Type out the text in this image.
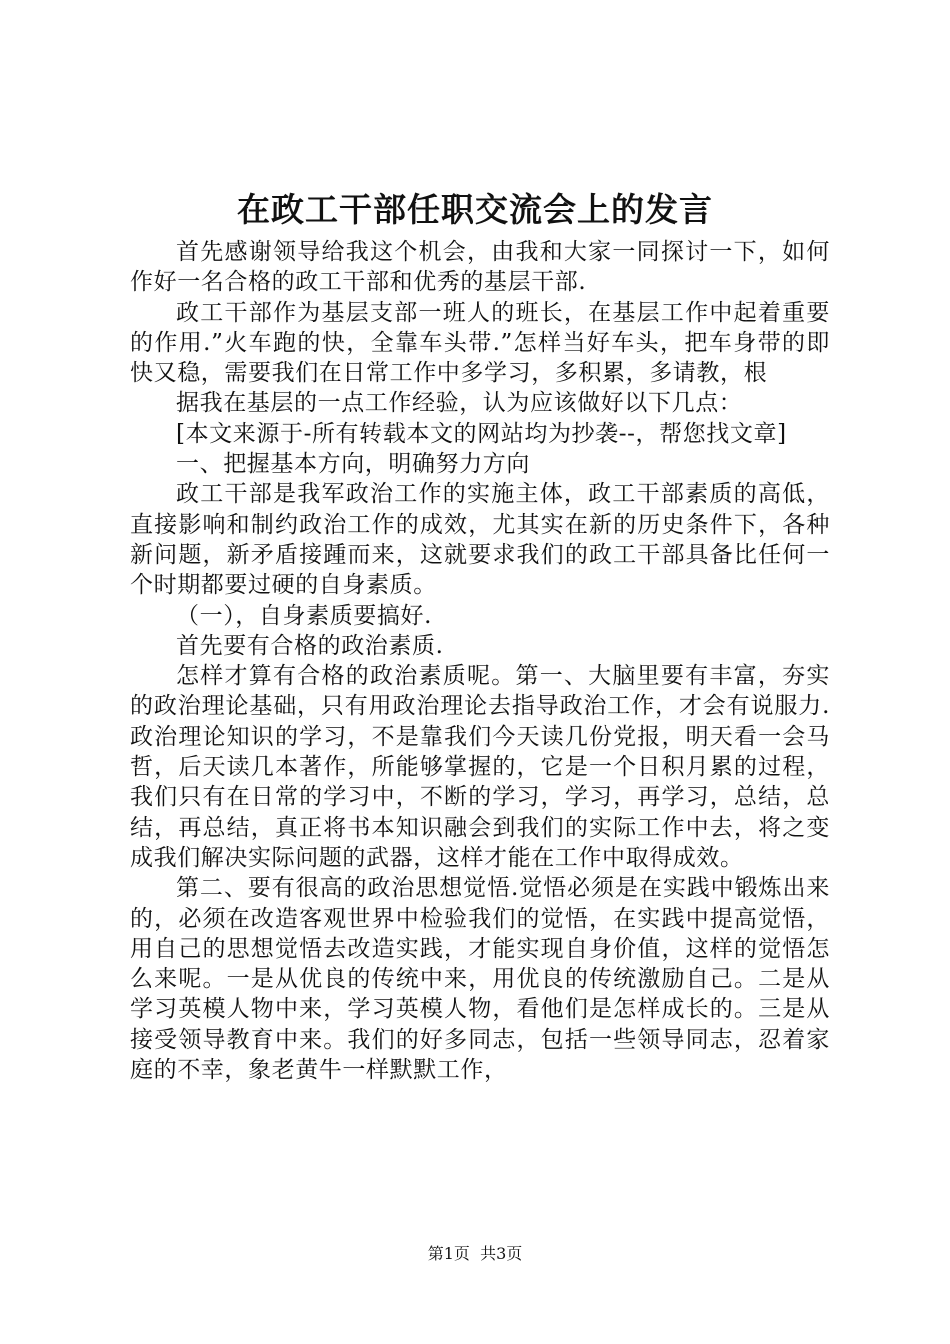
在政工干部任职交流会上的发言

首先感谢领导给我这个机会，由我和大家一同探讨一下，如何作好一名合格的政工干部和优秀的基层干部.

政工干部作为基层支部一班人的班长，在基层工作中起着重要的作用.”火车跑的快，全靠车头带.”怎样当好车头，把车身带的即快又稳，需要我们在日常工作中多学习，多积累，多请教，根

据我在基层的一点工作经验，认为应该做好以下几点：

[本文来源于-所有转载本文的网站均为抄袭--，帮您找文章]

一、把握基本方向，明确努力方向

政工干部是我军政治工作的实施主体，政工干部素质的高低，直接影响和制约政治工作的成效，尤其实在新的历史条件下，各种新问题，新矛盾接踵而来，这就要求我们的政工干部具备比任何一个时期都要过硬的自身素质。

（一），自身素质要搞好.

首先要有合格的政治素质.

怎样才算有合格的政治素质呢。第一、大脑里要有丰富，夯实的政治理论基础，只有用政治理论去指导政治工作，才会有说服力.政治理论知识的学习，不是靠我们今天读几份党报，明天看一会马哲，后天读几本著作，所能够掌握的，它是一个日积月累的过程，我们只有在日常的学习中，不断的学习，学习，再学习，总结，总结，再总结，真正将书本知识融会到我们的实际工作中去，将之变成我们解决实际问题的武器，这样才能在工作中取得成效。

第二、要有很高的政治思想觉悟.觉悟必须是在实践中锻炼出来的，必须在改造客观世界中检验我们的觉悟，在实践中提高觉悟，用自己的思想觉悟去改造实践，才能实现自身价值，这样的觉悟怎么来呢。一是从优良的传统中来，用优良的传统激励自己。二是从学习英模人物中来，学习英模人物，看他们是怎样成长的。三是从接受领导教育中来。我们的好多同志，包括一些领导同志，忍着家庭的不幸，象老黄牛一样默默工作，

第1页  共3页
